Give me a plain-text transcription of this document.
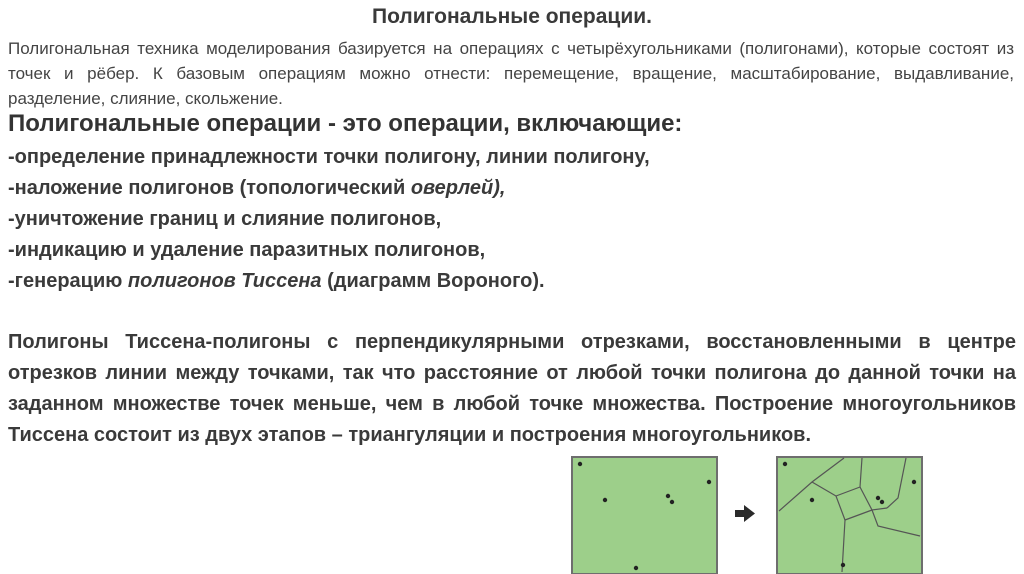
Полигональные операции.
Полигональная техника моделирования базируется на операциях с четырёхугольниками (полигонами), которые состоят из точек и рёбер. К базовым операциям можно отнести: перемещение, вращение, масштабирование, выдавливание, разделение, слияние, скольжение.
Полигональные операции - это операции, включающие:
-определение принадлежности точки полигону, линии полигону,
-наложение полигонов (топологический оверлей),
-уничтожение границ и слияние полигонов,
-индикацию и удаление паразитных полигонов,
-генерацию полигонов Тиссена (диаграмм Вороного).
Полигоны Тиссена-полигоны с перпендикулярными отрезками, восстановленными в центре отрезков линии между точками, так что расстояние от любой точки полигона до данной точки на заданном множестве точек меньше, чем в любой точке множества. Построение многоугольников Тиссена состоит из двух этапов – триангуляции и построения многоугольников.
